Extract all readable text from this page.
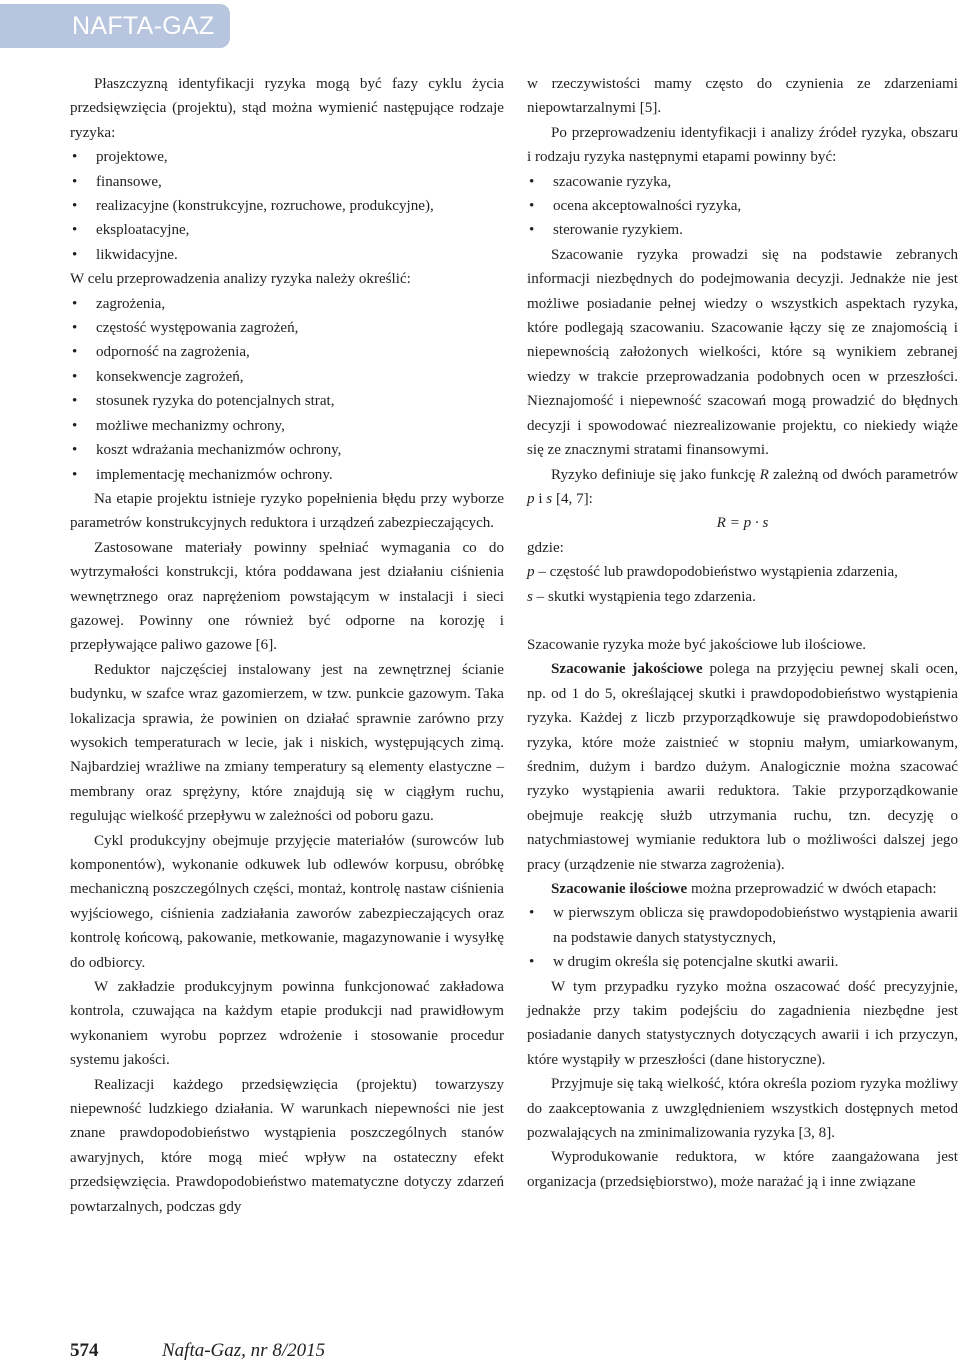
NAFTA-GAZ

Płaszczyzną identyfikacji ryzyka mogą być fazy cyklu życia przedsięwzięcia (projektu), stąd można wymienić następujące rodzaje ryzyka:

• projektowe,
• finansowe,
• realizacyjne (konstrukcyjne, rozruchowe, produkcyjne),
• eksploatacyjne,
• likwidacyjne.

W celu przeprowadzenia analizy ryzyka należy określić:

• zagrożenia,
• częstość występowania zagrożeń,
• odporność na zagrożenia,
• konsekwencje zagrożeń,
• stosunek ryzyka do potencjalnych strat,
• możliwe mechanizmy ochrony,
• koszt wdrażania mechanizmów ochrony,
• implementację mechanizmów ochrony.

Na etapie projektu istnieje ryzyko popełnienia błędu przy wyborze parametrów konstrukcyjnych reduktora i urządzeń zabezpieczających.

Zastosowane materiały powinny spełniać wymagania co do wytrzymałości konstrukcji, która poddawana jest działaniu ciśnienia wewnętrznego oraz naprężeniom powstającym w instalacji i sieci gazowej. Powinny one również być odporne na korozję i przepływające paliwo gazowe [6].

Reduktor najczęściej instalowany jest na zewnętrznej ścianie budynku, w szafce wraz gazomierzem, w tzw. punkcie gazowym. Taka lokalizacja sprawia, że powinien on działać sprawnie zarówno przy wysokich temperaturach w lecie, jak i niskich, występujących zimą. Najbardziej wrażliwe na zmiany temperatury są elementy elastyczne – membrany oraz sprężyny, które znajdują się w ciągłym ruchu, regulując wielkość przepływu w zależności od poboru gazu.

Cykl produkcyjny obejmuje przyjęcie materiałów (surowców lub komponentów), wykonanie odkuwek lub odlewów korpusu, obróbkę mechaniczną poszczególnych części, montaż, kontrolę nastaw ciśnienia wyjściowego, ciśnienia zadziałania zaworów zabezpieczających oraz kontrolę końcową, pakowanie, metkowanie, magazynowanie i wysyłkę do odbiorcy.

W zakładzie produkcyjnym powinna funkcjonować zakładowa kontrola, czuwająca na każdym etapie produkcji nad prawidłowym wykonaniem wyrobu poprzez wdrożenie i stosowanie procedur systemu jakości.

Realizacji każdego przedsięwzięcia (projektu) towarzyszy niepewność ludzkiego działania. W warunkach niepewności nie jest znane prawdopodobieństwo wystąpienia poszczególnych stanów awaryjnych, które mogą mieć wpływ na ostateczny efekt przedsięwzięcia. Prawdopodobieństwo matematyczne dotyczy zdarzeń powtarzalnych, podczas gdy

w rzeczywistości mamy często do czynienia ze zdarzeniami niepowtarzalnymi [5].

Po przeprowadzeniu identyfikacji i analizy źródeł ryzyka, obszaru i rodzaju ryzyka następnymi etapami powinny być:

• szacowanie ryzyka,
• ocena akceptowalności ryzyka,
• sterowanie ryzykiem.

Szacowanie ryzyka prowadzi się na podstawie zebranych informacji niezbędnych do podejmowania decyzji. Jednakże nie jest możliwe posiadanie pełnej wiedzy o wszystkich aspektach ryzyka, które podlegają szacowaniu. Szacowanie łączy się ze znajomością i niepewnością założonych wielkości, które są wynikiem zebranej wiedzy w trakcie przeprowadzania podobnych ocen w przeszłości. Nieznajomość i niepewność szacowań mogą prowadzić do błędnych decyzji i spowodować niezrealizowanie projektu, co niekiedy wiąże się ze znacznymi stratami finansowymi.

Ryzyko definiuje się jako funkcję R zależną od dwóch parametrów p i s [4, 7]:

R = p · s

gdzie:

p – częstość lub prawdopodobieństwo wystąpienia zdarzenia,

s – skutki wystąpienia tego zdarzenia.

Szacowanie ryzyka może być jakościowe lub ilościowe.

Szacowanie jakościowe polega na przyjęciu pewnej skali ocen, np. od 1 do 5, określającej skutki i prawdopodobieństwo wystąpienia ryzyka. Każdej z liczb przyporządkowuje się prawdopodobieństwo ryzyka, które może zaistnieć w stopniu małym, umiarkowanym, średnim, dużym i bardzo dużym. Analogicznie można szacować ryzyko wystąpienia awarii reduktora. Takie przyporządkowanie obejmuje reakcję służb utrzymania ruchu, tzn. decyzję o natychmiastowej wymianie reduktora lub o możliwości dalszej jego pracy (urządzenie nie stwarza zagrożenia).

Szacowanie ilościowe można przeprowadzić w dwóch etapach:

• w pierwszym oblicza się prawdopodobieństwo wystąpienia awarii na podstawie danych statystycznych,
• w drugim określa się potencjalne skutki awarii.

W tym przypadku ryzyko można oszacować dość precyzyjnie, jednakże przy takim podejściu do zagadnienia niezbędne jest posiadanie danych statystycznych dotyczących awarii i ich przyczyn, które wystąpiły w przeszłości (dane historyczne).

Przyjmuje się taką wielkość, która określa poziom ryzyka możliwy do zaakceptowania z uwzględnieniem wszystkich dostępnych metod pozwalających na zminimalizowania ryzyka [3, 8].

Wyprodukowanie reduktora, w które zaangażowana jest organizacja (przedsiębiorstwo), może narażać ją i inne związane

574	Nafta-Gaz, nr 8/2015
